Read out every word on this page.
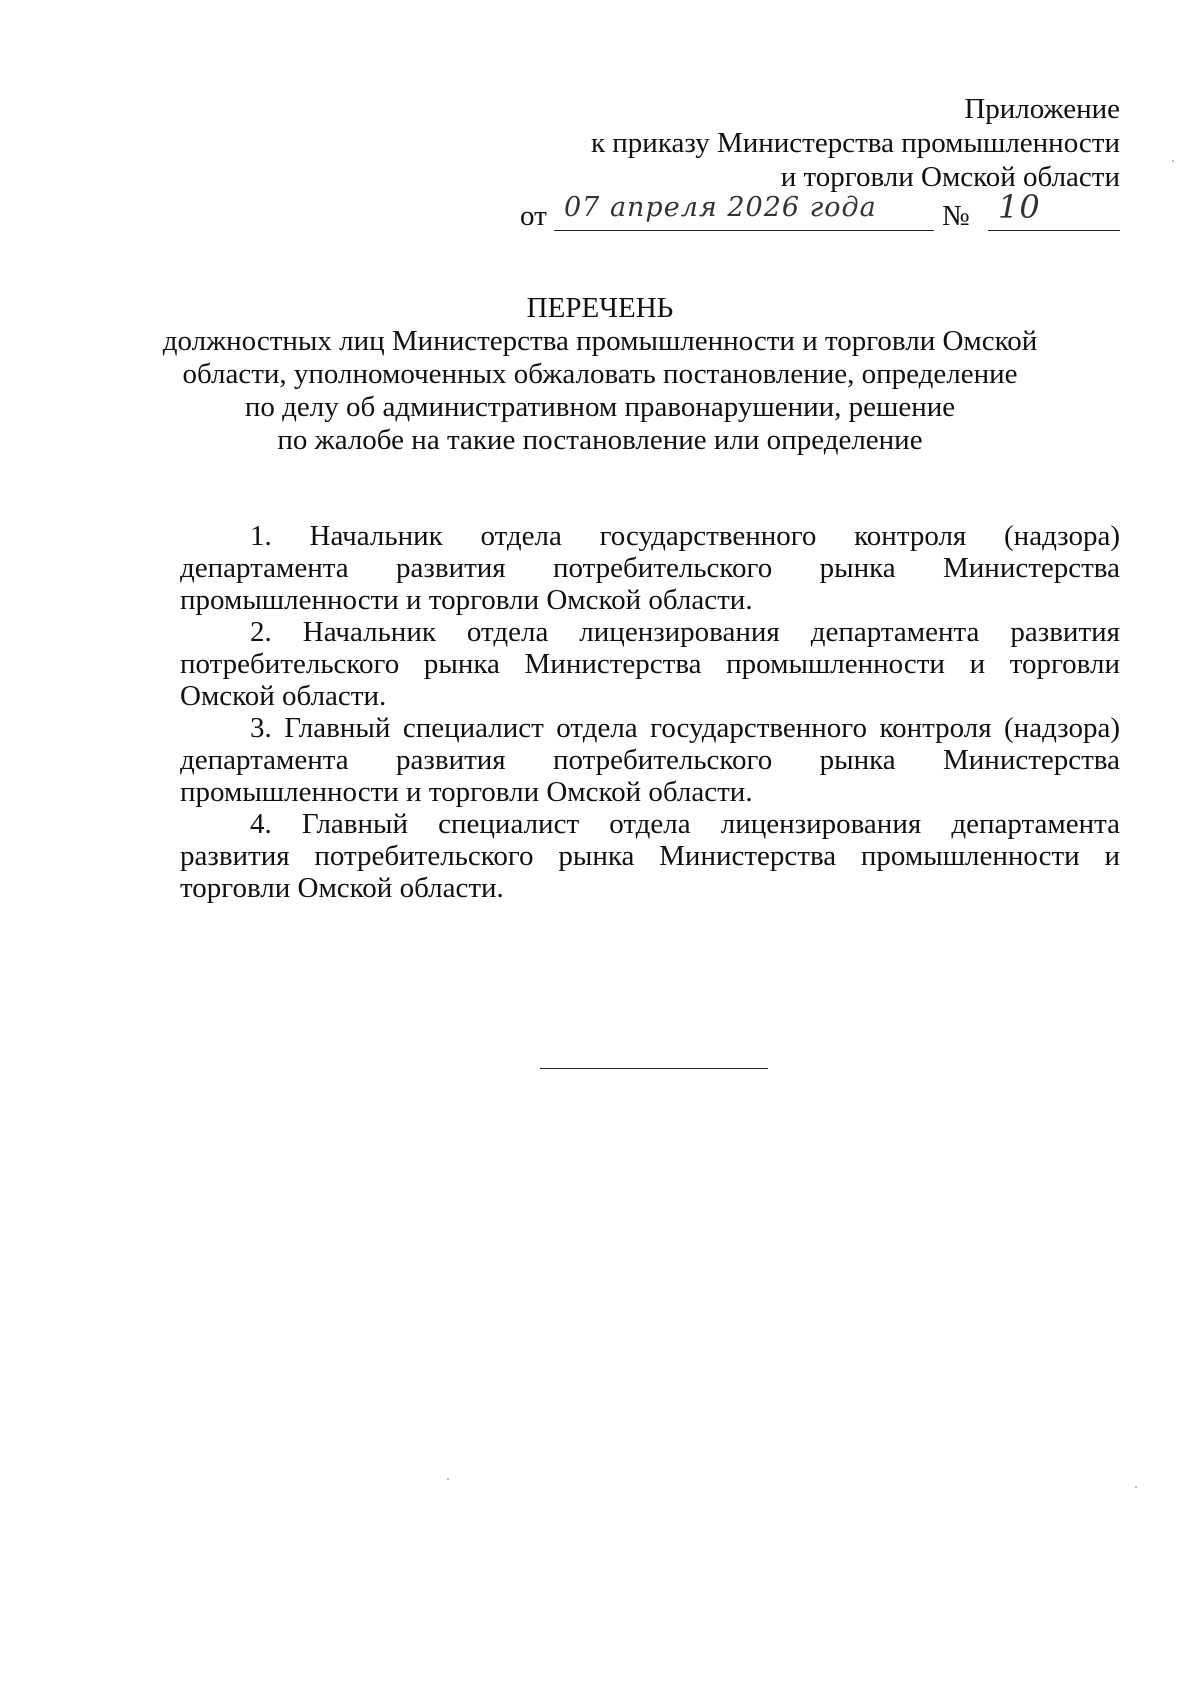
Приложение
к приказу Министерства промышленности
и торговли Омской области
от 07 апреля 2026 года № 10
ПЕРЕЧЕНЬ
должностных лиц Министерства промышленности и торговли Омской
области, уполномоченных обжаловать постановление, определение
по делу об административном правонарушении, решение
по жалобе на такие постановление или определение

1. Начальник отдела государственного контроля (надзора) департамента развития потребительского рынка Министерства промышленности и торговли Омской области.

2. Начальник отдела лицензирования департамента развития потребительского рынка Министерства промышленности и торговли Омской области.

3. Главный специалист отдела государственного контроля (надзора) департамента развития потребительского рынка Министерства промышленности и торговли Омской области.

4. Главный специалист отдела лицензирования департамента развития потребительского рынка Министерства промышленности и торговли Омской области.
